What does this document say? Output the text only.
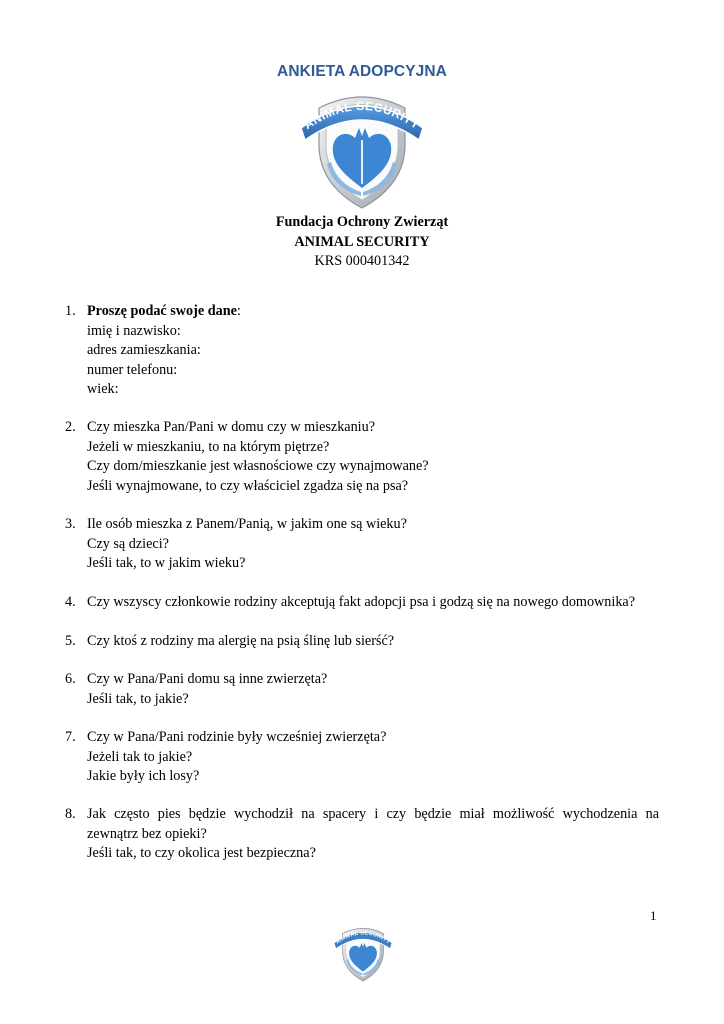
ANKIETA ADOPCYJNA
ANIMAL SECURITY
Fundacja Ochrony Zwierząt
ANIMAL SECURITY
KRS 000401342
1. Proszę podać swoje dane:
imię i nazwisko:
adres zamieszkania:
numer telefonu:
wiek:
2. Czy mieszka Pan/Pani w domu czy w mieszkaniu?
Jeżeli w mieszkaniu, to na którym piętrze?
Czy dom/mieszkanie jest własnościowe czy wynajmowane?
Jeśli wynajmowane, to czy właściciel zgadza się na psa?
3. Ile osób mieszka z Panem/Panią, w jakim one są wieku?
Czy są dzieci?
Jeśli tak, to w jakim wieku?
4. Czy wszyscy członkowie rodziny akceptują fakt adopcji psa i godzą się na nowego domownika?
5. Czy ktoś z rodziny ma alergię na psią ślinę lub sierść?
6. Czy w Pana/Pani domu są inne zwierzęta?
Jeśli tak, to jakie?
7. Czy w Pana/Pani rodzinie były wcześniej zwierzęta?
Jeżeli tak to jakie?
Jakie były ich losy?
8. Jak często pies będzie wychodził na spacery i czy będzie miał możliwość wychodzenia na
zewnątrz bez opieki?
Jeśli tak, to czy okolica jest bezpieczna?
1
ANIMAL SECURITY
